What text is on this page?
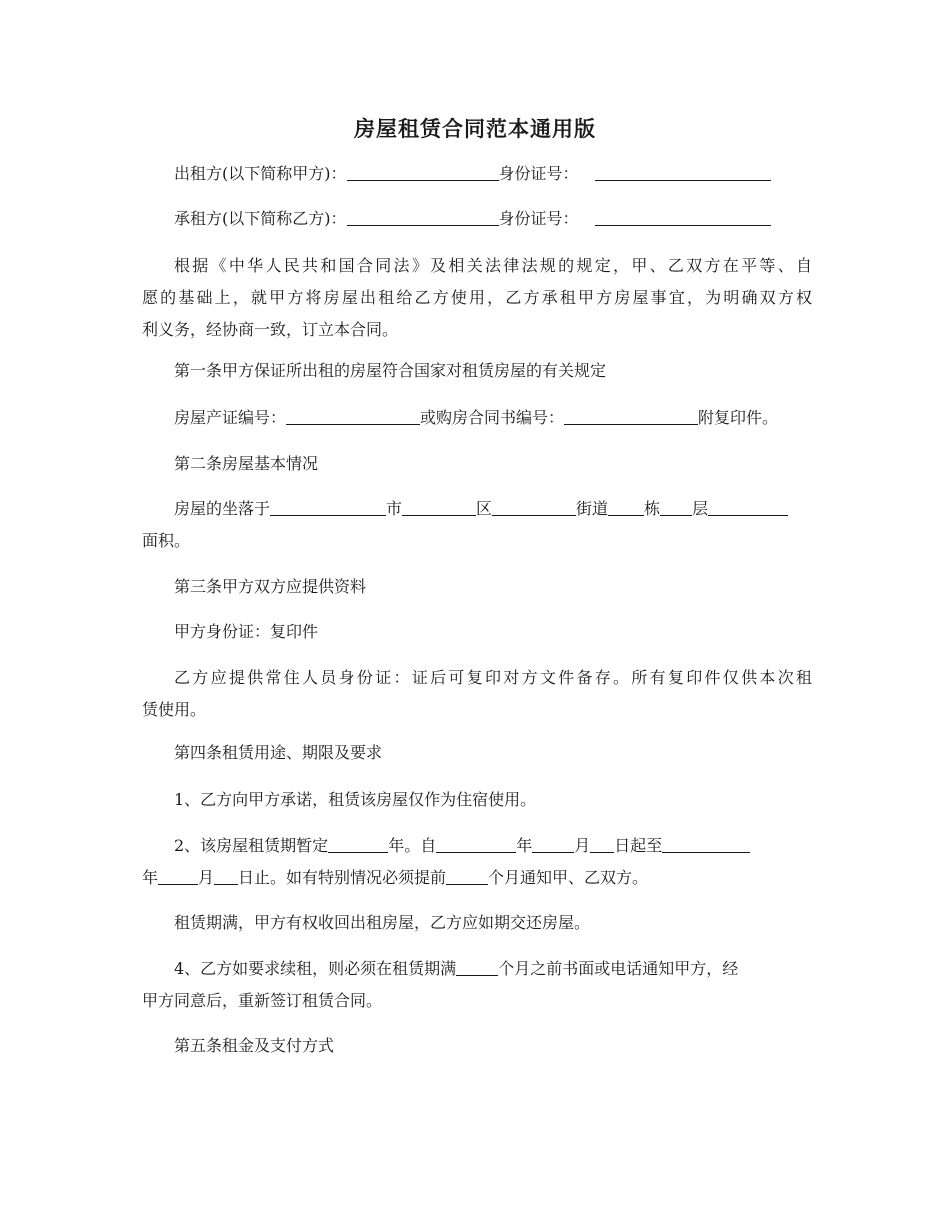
房屋租赁合同范本通用版
出租方(以下简称甲方)：	身份证号：
承租方(以下简称乙方)：	身份证号：
根据《中华人民共和国合同法》及相关法律法规的规定，甲、乙双方在平等、自
愿的基础上，就甲方将房屋出租给乙方使用，乙方承租甲方房屋事宜，为明确双方权
利义务，经协商一致，订立本合同。
第一条甲方保证所出租的房屋符合国家对租赁房屋的有关规定
房屋产证编号：	或购房合同书编号：	附复印件。
第二条房屋基本情况
房屋的坐落于	市	区	街道 栋 层
面积。
第三条甲方双方应提供资料
甲方身份证：复印件
乙方应提供常住人员身份证：证后可复印对方文件备存。所有复印件仅供本次租
赁使用。
第四条租赁用途、期限及要求
1、乙方向甲方承诺，租赁该房屋仅作为住宿使用。
2、该房屋租赁期暂定	年。自	年	月 日起至
年	月 日止。如有特别情况必须提前	个月通知甲、乙双方。
租赁期满，甲方有权收回出租房屋，乙方应如期交还房屋。
4、乙方如要求续租，则必须在租赁期满	个月之前书面或电话通知甲方，经
甲方同意后，重新签订租赁合同。
第五条租金及支付方式
